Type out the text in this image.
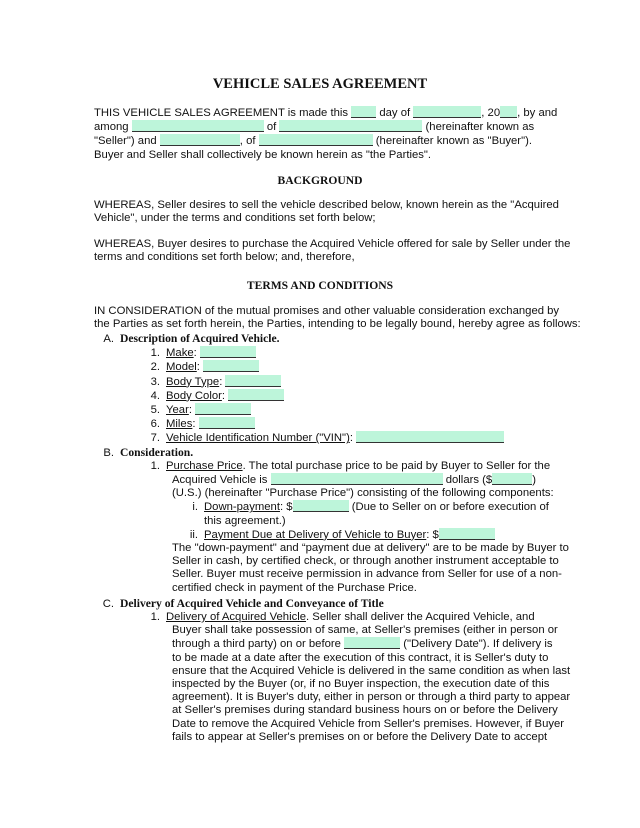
VEHICLE SALES AGREEMENT
THIS VEHICLE SALES AGREEMENT is made this	day of	, 20 , by and
among	of	(hereinafter known as
"Seller") and	, of	(hereinafter known as "Buyer").
Buyer and Seller shall collectively be known herein as "the Parties".
BACKGROUND
WHEREAS, Seller desires to sell the vehicle described below, known herein as the "Acquired
Vehicle", under the terms and conditions set forth below;
WHEREAS, Buyer desires to purchase the Acquired Vehicle offered for sale by Seller under the
terms and conditions set forth below; and, therefore,
TERMS AND CONDITIONS
IN CONSIDERATION of the mutual promises and other valuable consideration exchanged by
the Parties as set forth herein, the Parties, intending to be legally bound, hereby agree as follows:
A. Description of Acquired Vehicle.
1. Make:
2. Model:
3. Body Type:
4. Body Color:
5. Year:
6. Miles:
7. Vehicle Identification Number ("VIN"):
B. Consideration.
1. Purchase Price. The total purchase price to be paid by Buyer to Seller for the
Acquired Vehicle is	dollars ($	)
(U.S.) (hereinafter "Purchase Price") consisting of the following components:
i. Down-payment: $	(Due to Seller on or before execution of
this agreement.)
ii. Payment Due at Delivery of Vehicle to Buyer: $
The "down-payment" and “payment due at delivery" are to be made by Buyer to
Seller in cash, by certified check, or through another instrument acceptable to
Seller. Buyer must receive permission in advance from Seller for use of a non-
certified check in payment of the Purchase Price.
C. Delivery of Acquired Vehicle and Conveyance of Title
1. Delivery of Acquired Vehicle. Seller shall deliver the Acquired Vehicle, and
Buyer shall take possession of same, at Seller's premises (either in person or
through a third party) on or before	("Delivery Date"). If delivery is
to be made at a date after the execution of this contract, it is Seller's duty to
ensure that the Acquired Vehicle is delivered in the same condition as when last
inspected by the Buyer (or, if no Buyer inspection, the execution date of this
agreement). It is Buyer's duty, either in person or through a third party to appear
at Seller's premises during standard business hours on or before the Delivery
Date to remove the Acquired Vehicle from Seller's premises. However, if Buyer
fails to appear at Seller's premises on or before the Delivery Date to accept
